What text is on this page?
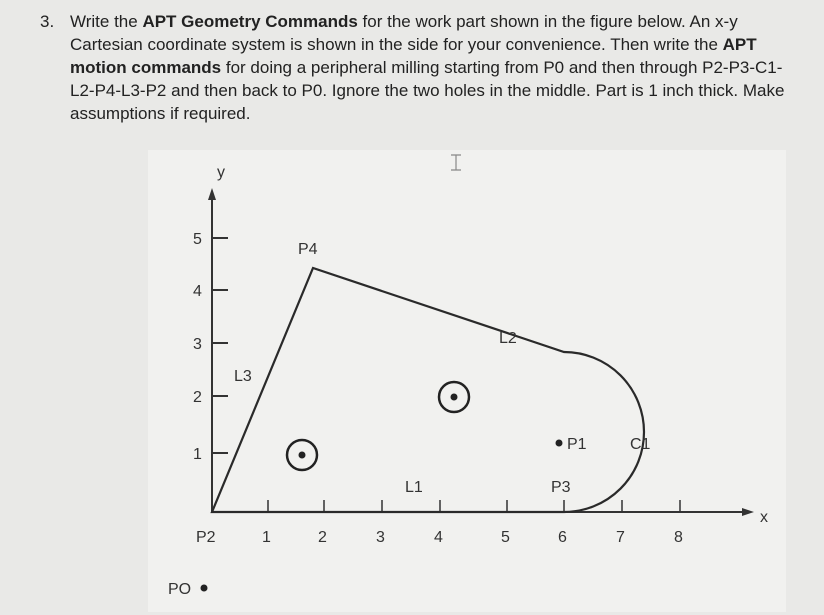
3. Write the APT Geometry Commands for the work part shown in the figure below. An x-y Cartesian coordinate system is shown in the side for your convenience. Then write the APT motion commands for doing a peripheral milling starting from P0 and then through P2-P3-C1-L2-P4-L3-P2 and then back to P0. Ignore the two holes in the middle. Part is 1 inch thick. Make assumptions if required.
y
x
1
2
3
4
5
1	2	3	4	5	6	7	8
P4
L3
L2
P1	C1
L1	P3
P2
PO
